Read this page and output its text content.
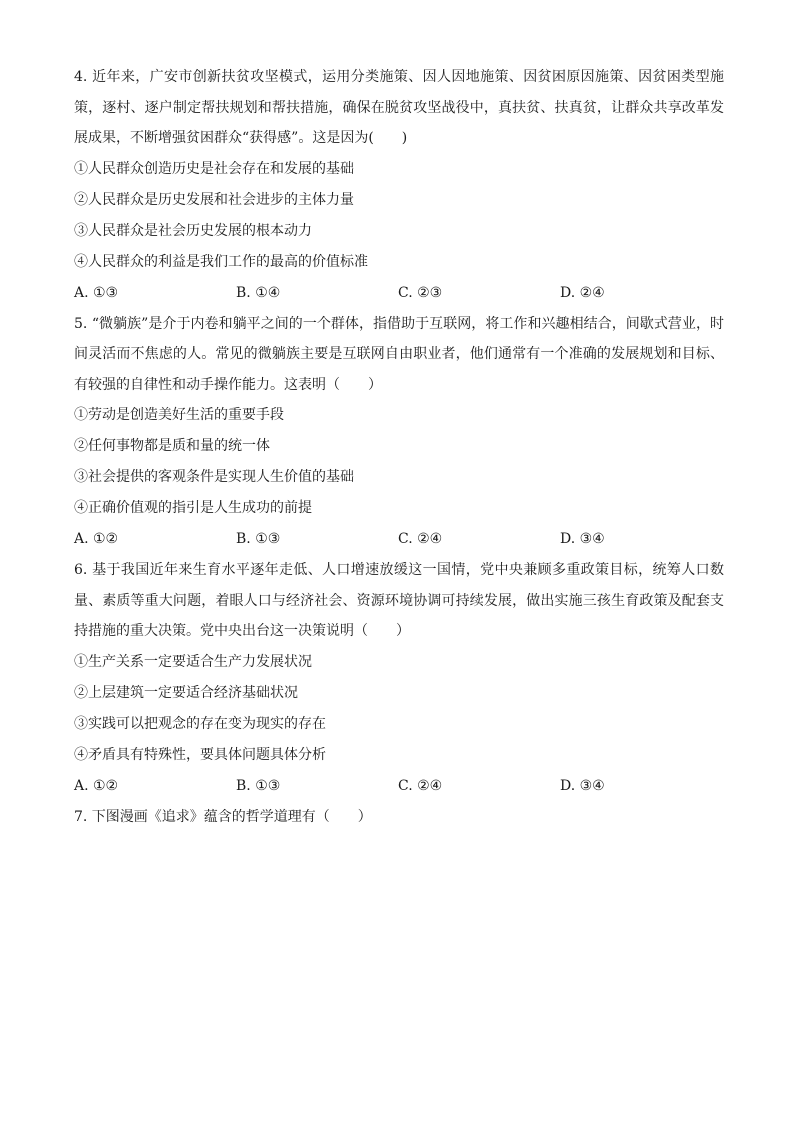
4. 近年来，广安市创新扶贫攻坚模式，运用分类施策、因人因地施策、因贫困原因施策、因贫困类型施策，逐村、逐户制定帮扶规划和帮扶措施，确保在脱贫攻坚战役中，真扶贫、扶真贫，让群众共享改革发展成果，不断增强贫困群众“获得感”。这是因为(　　)

①人民群众创造历史是社会存在和发展的基础

②人民群众是历史发展和社会进步的主体力量

③人民群众是社会历史发展的根本动力

④人民群众的利益是我们工作的最高的价值标准

A. ①③	B. ①④	C. ②③	D. ②④

5. “微躺族”是介于内卷和躺平之间的一个群体，指借助于互联网，将工作和兴趣相结合，间歇式营业，时间灵活而不焦虑的人。常见的微躺族主要是互联网自由职业者，他们通常有一个准确的发展规划和目标、有较强的自律性和动手操作能力。这表明（　　）

①劳动是创造美好生活的重要手段

②任何事物都是质和量的统一体

③社会提供的客观条件是实现人生价值的基础

④正确价值观的指引是人生成功的前提

A. ①②	B. ①③	C. ②④	D. ③④

6. 基于我国近年来生育水平逐年走低、人口增速放缓这一国情，党中央兼顾多重政策目标，统筹人口数量、素质等重大问题，着眼人口与经济社会、资源环境协调可持续发展，做出实施三孩生育政策及配套支持措施的重大决策。党中央出台这一决策说明（　　）

①生产关系一定要适合生产力发展状况

②上层建筑一定要适合经济基础状况

③实践可以把观念的存在变为现实的存在

④矛盾具有特殊性，要具体问题具体分析

A. ①②	B. ①③	C. ②④	D. ③④

7. 下图漫画《追求》蕴含的哲学道理有（　　）
